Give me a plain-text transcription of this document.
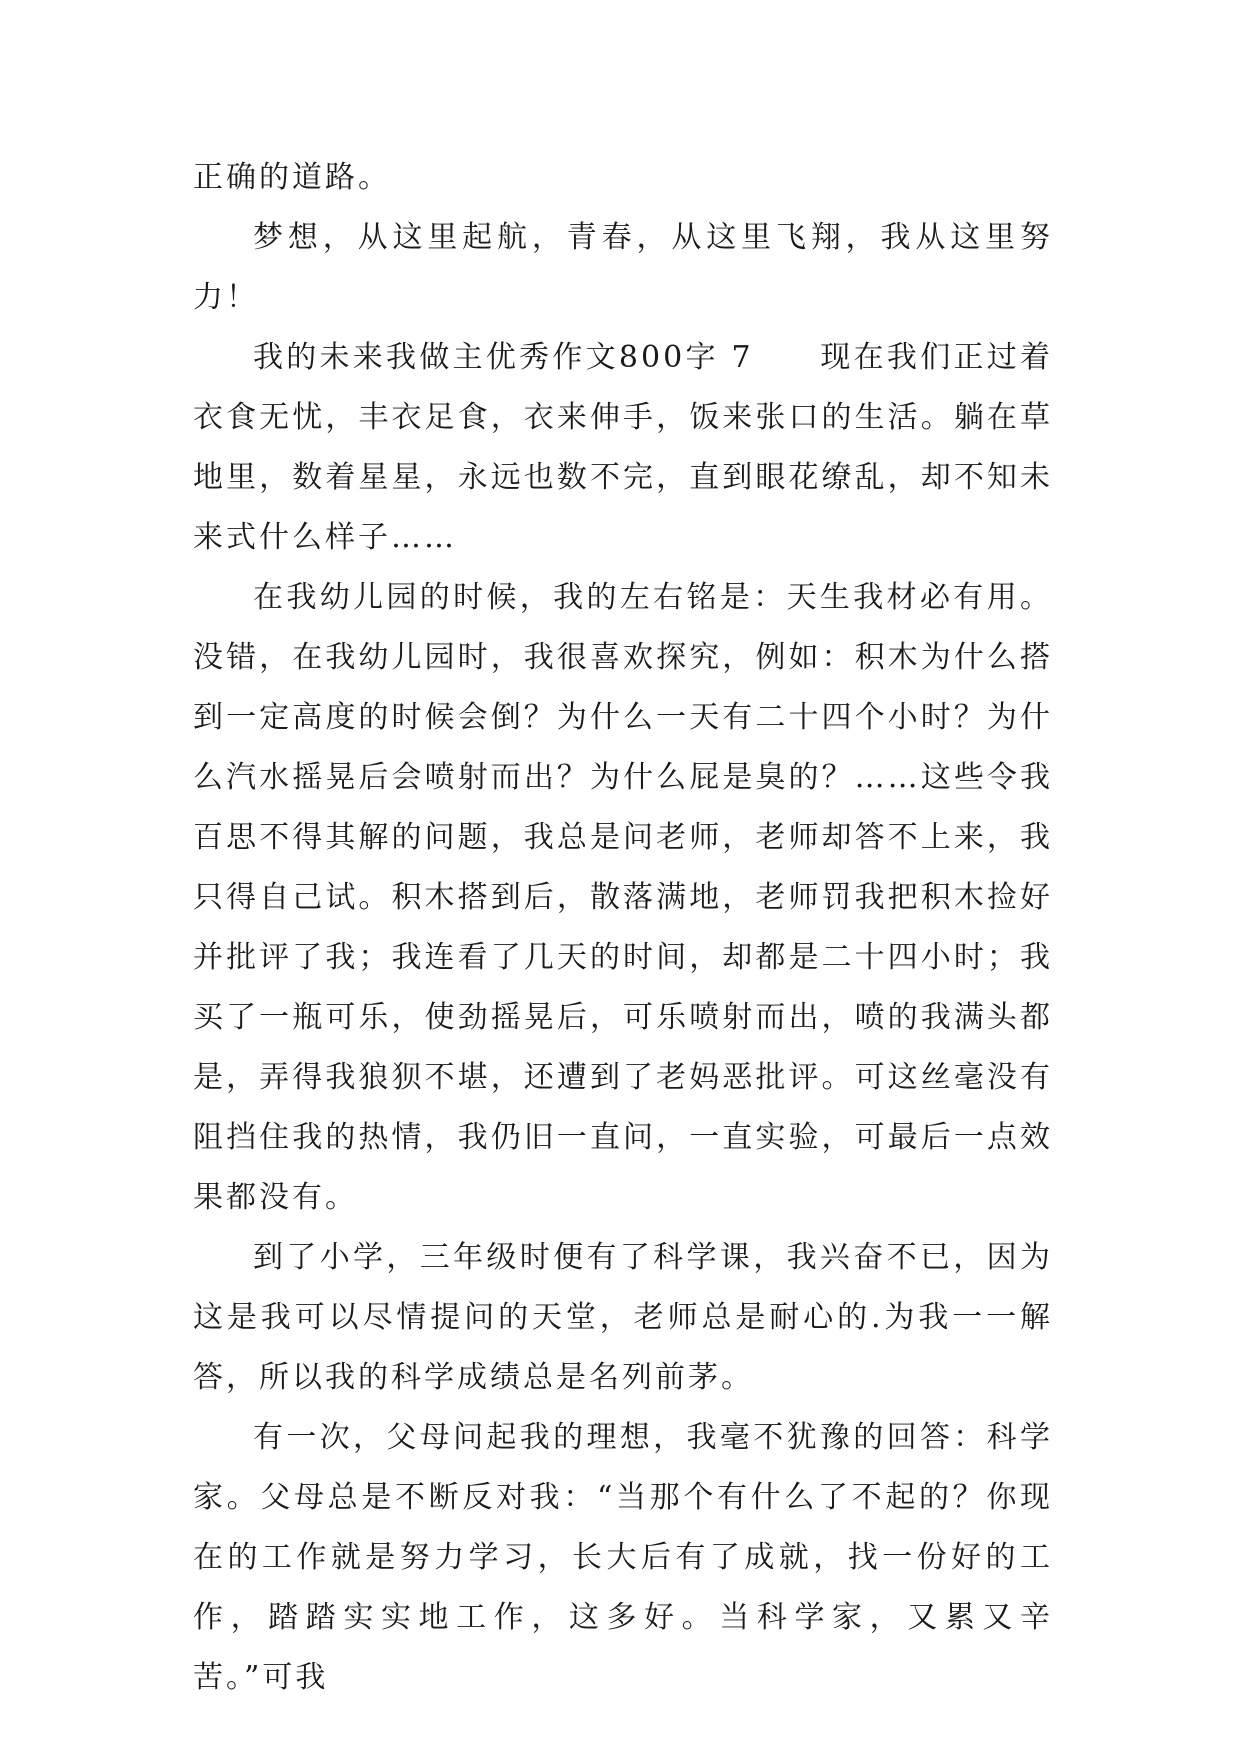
正确的道路。

梦想，从这里起航，青春，从这里飞翔，我从这里努力！

我的未来我做主优秀作文800字 7　　现在我们正过着衣食无忧，丰衣足食，衣来伸手，饭来张口的生活。躺在草地里，数着星星，永远也数不完，直到眼花缭乱，却不知未来式什么样子……

在我幼儿园的时候，我的左右铭是：天生我材必有用。没错，在我幼儿园时，我很喜欢探究，例如：积木为什么搭到一定高度的时候会倒？为什么一天有二十四个小时？为什么汽水摇晃后会喷射而出？为什么屁是臭的？……这些令我百思不得其解的问题，我总是问老师，老师却答不上来，我只得自己试。积木搭到后，散落满地，老师罚我把积木捡好并批评了我；我连看了几天的时间，却都是二十四小时；我买了一瓶可乐，使劲摇晃后，可乐喷射而出，喷的我满头都是，弄得我狼狈不堪，还遭到了老妈恶批评。可这丝毫没有阻挡住我的热情，我仍旧一直问，一直实验，可最后一点效果都没有。

到了小学，三年级时便有了科学课，我兴奋不已，因为这是我可以尽情提问的天堂，老师总是耐心的.为我一一解答，所以我的科学成绩总是名列前茅。

有一次，父母问起我的理想，我毫不犹豫的回答：科学家。父母总是不断反对我：“当那个有什么了不起的？你现在的工作就是努力学习，长大后有了成就，找一份好的工作，踏踏实实地工作，这多好。当科学家，又累又辛苦。”可我
